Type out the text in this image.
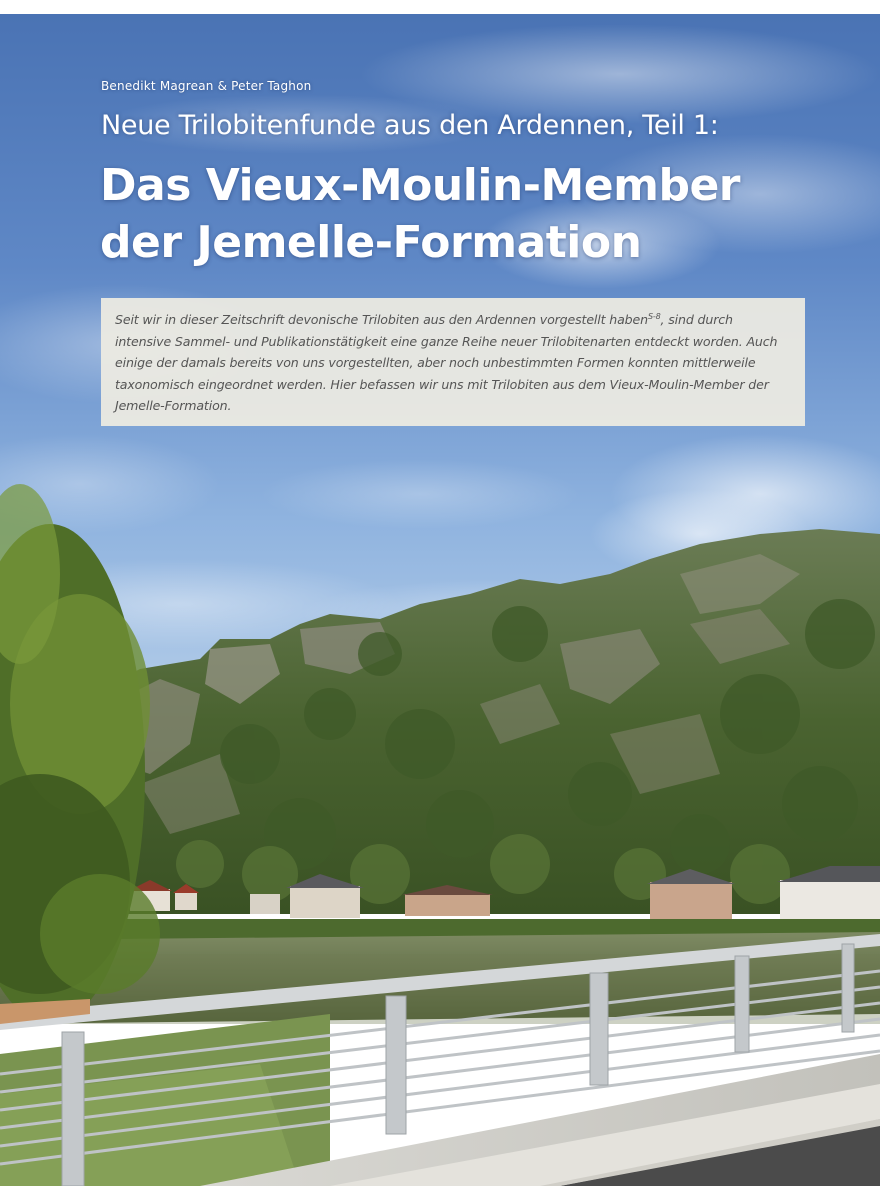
Benedikt Magrean & Peter Taghon
Neue Trilobitenfunde aus den Ardennen, Teil 1:
Das Vieux-Moulin-Member
der Jemelle-Formation

Seit wir in dieser Zeitschrift devonische Trilobiten aus den Ardennen vorgestellt haben$^{S-8}$, sind durch intensive Sammel- und Publikationstätigkeit eine ganze Reihe neuer Trilobitenarten entdeckt worden. Auch einige der damals bereits von uns vorgestellten, aber noch unbestimmten Formen konnten mittlerweile taxonomisch eingeordnet werden. Hier befassen wir uns mit Trilobiten aus dem Vieux-Moulin-Member der Jemelle-Formation.
